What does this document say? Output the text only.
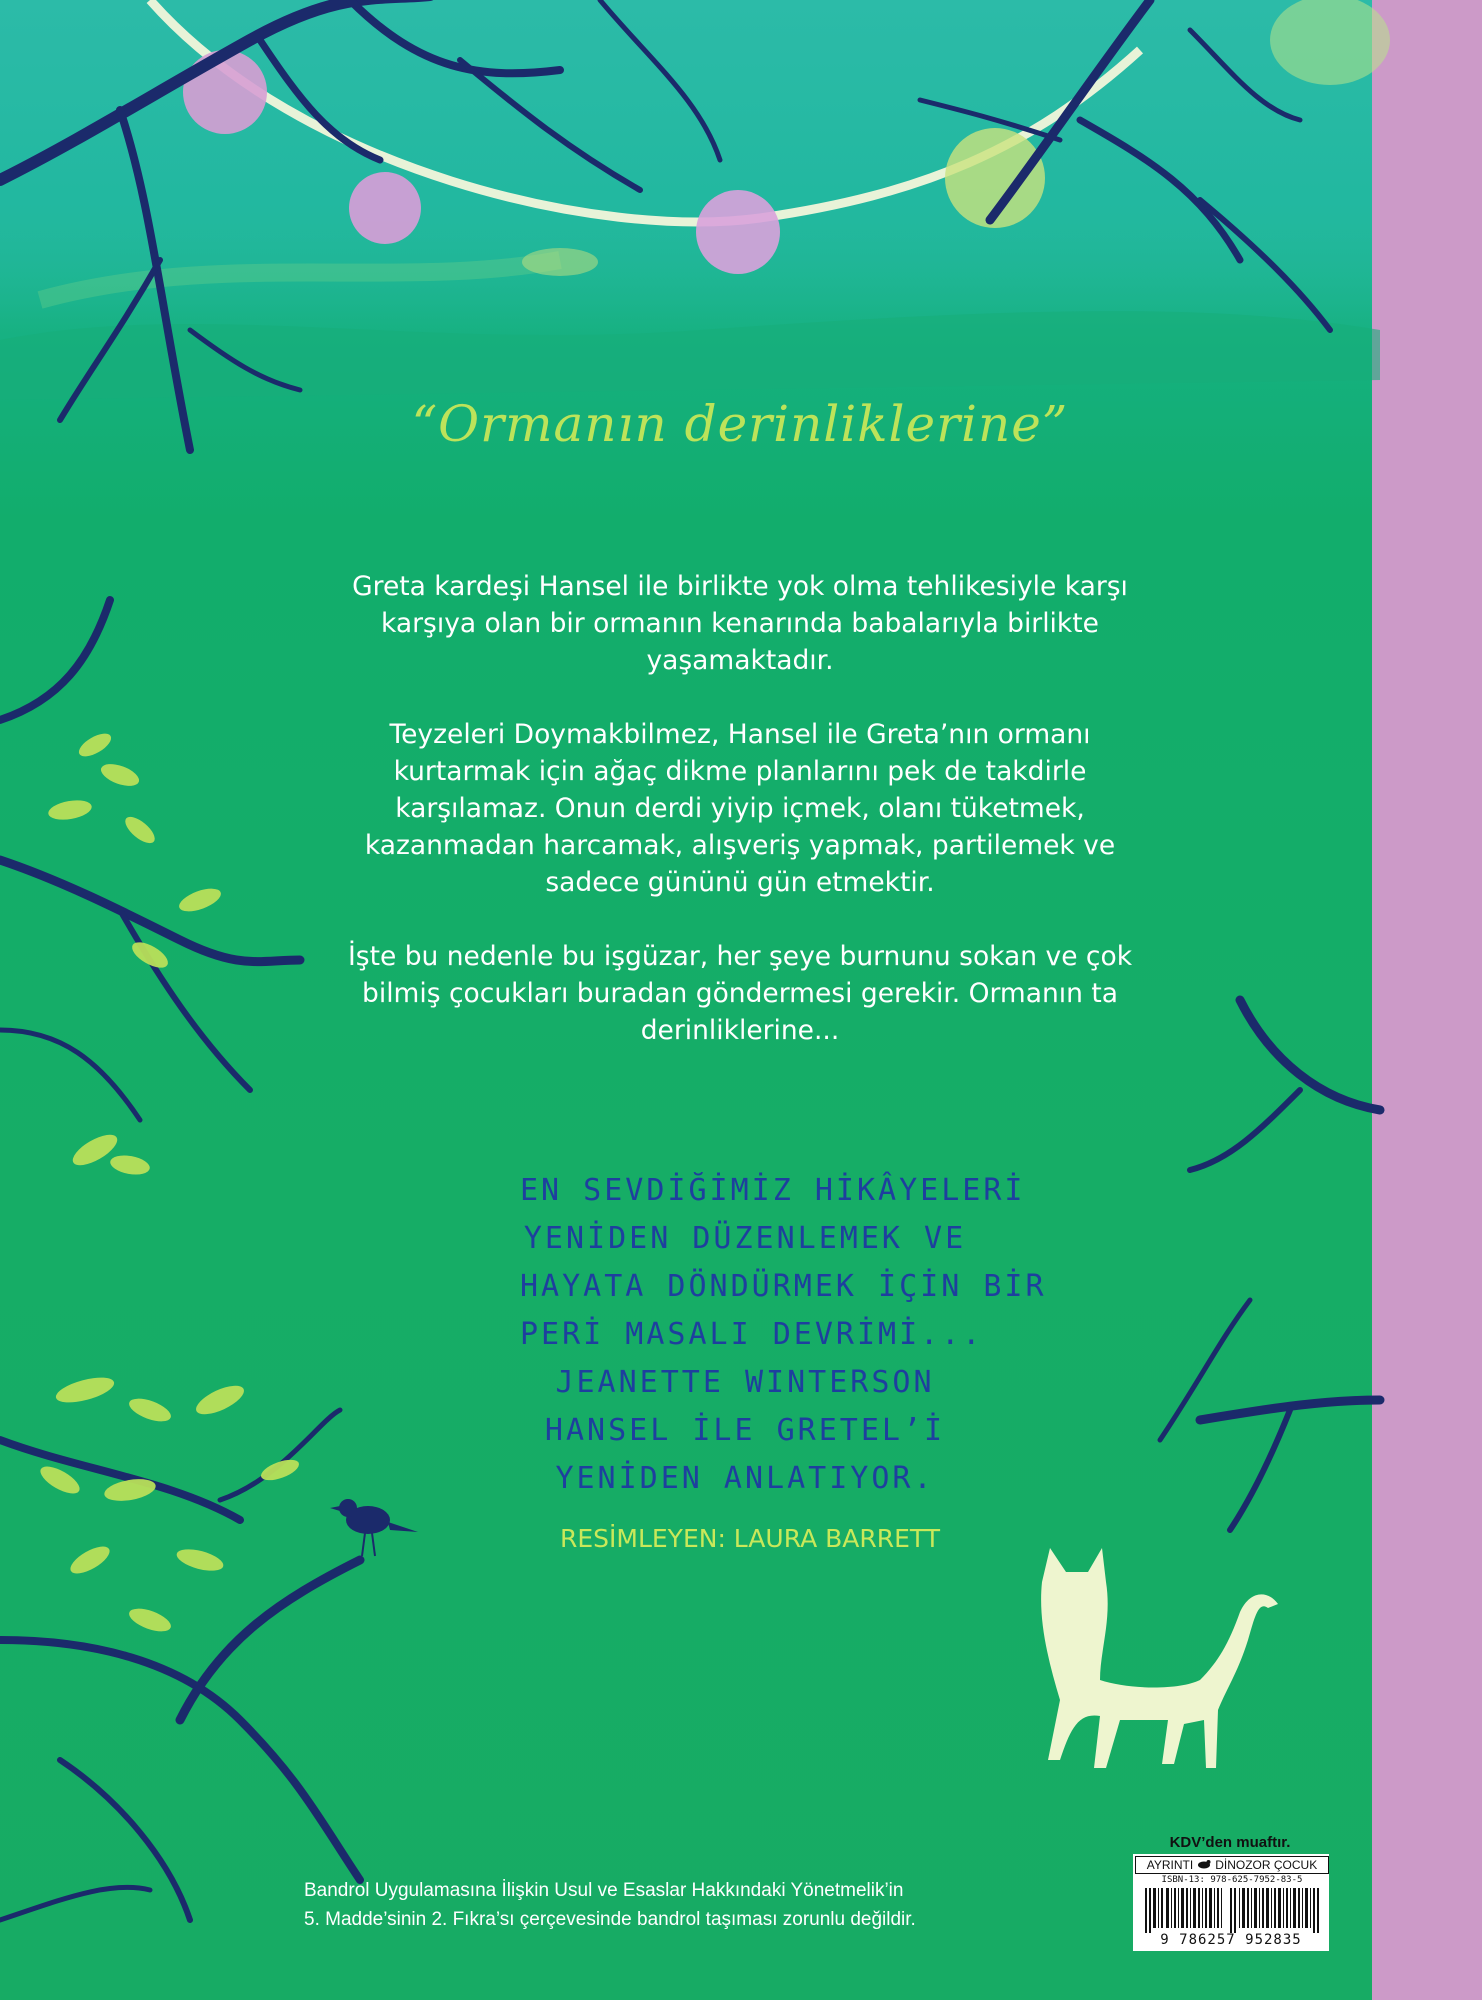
“Ormanın derinliklerine”

Greta kardeşi Hansel ile birlikte yok olma tehlikesiyle karşı karşıya olan bir ormanın kenarında babalarıyla birlikte yaşamaktadır.

Teyzeleri Doymakbilmez, Hansel ile Greta’nın ormanı kurtarmak için ağaç dikme planlarını pek de takdirle karşılamaz. Onun derdi yiyip içmek, olanı tüketmek, kazanmadan harcamak, alışveriş yapmak, partilemek ve sadece gününü gün etmektir.

İşte bu nedenle bu işgüzar, her şeye burnunu sokan ve çok bilmiş çocukları buradan göndermesi gerekir. Ormanın ta derinliklerine...

EN SEVDİĞİMİZ HİKÂYELERİ
YENİDEN DÜZENLEMEK VE
HAYATA DÖNDÜRMEK İÇİN BİR
PERİ MASALI DEVRİMİ...
JEANETTE WINTERSON
HANSEL İLE GRETEL’İ
YENİDEN ANLATIYOR.
RESİMLEYEN: LAURA BARRETT
Bandrol Uygulamasına İlişkin Usul ve Esaslar Hakkındaki Yönetmelik’in
5. Madde’sinin 2. Fıkra’sı çerçevesinde bandrol taşıması zorunlu değildir.
KDV’den muaftır.
AYRINTI DİNOZOR ÇOCUK
ISBN-13: 978-625-7952-83-5
9 786257 952835
